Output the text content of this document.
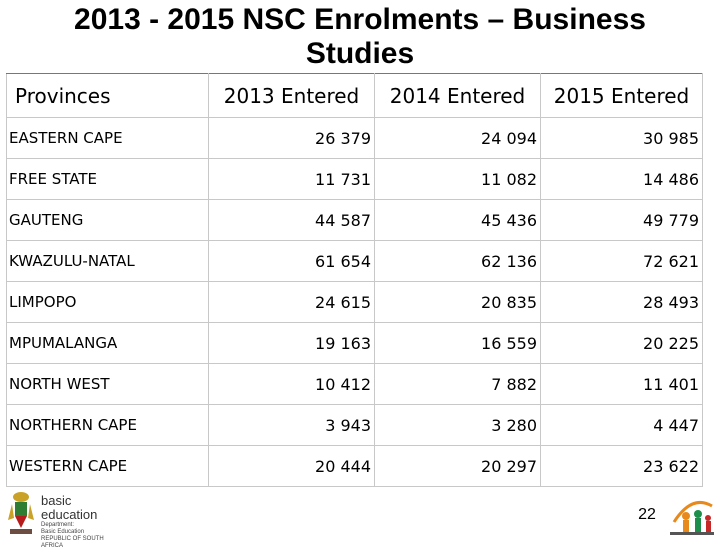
2013 - 2015 NSC Enrolments – Business
Studies
Provinces	2013 Entered	2014 Entered	2015 Entered
EASTERN CAPE	26 379	24 094	30 985
FREE STATE	11 731	11 082	14 486
GAUTENG	44 587	45 436	49 779
KWAZULU-NATAL	61 654	62 136	72 621
LIMPOPO	24 615	20 835	28 493
MPUMALANGA	19 163	16 559	20 225
NORTH WEST	10 412	7 882	11 401
NORTHERN CAPE	3 943	3 280	4 447
WESTERN CAPE	20 444	20 297	23 622
basic education
Department:
Basic Education
REPUBLIC OF SOUTH AFRICA
22
